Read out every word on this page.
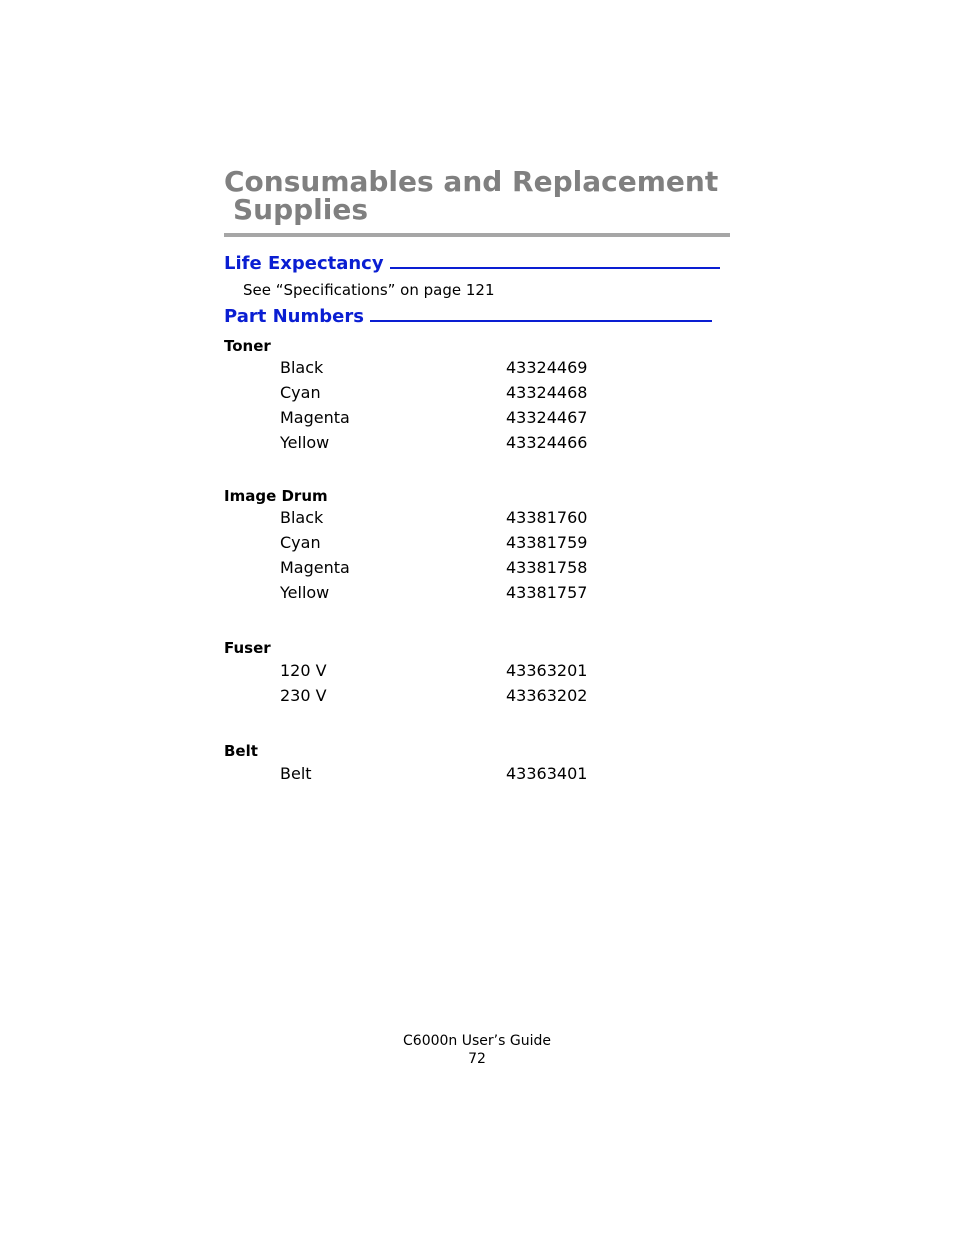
Consumables and Replacement
Supplies
Life Expectancy
See “Specifications” on page 121
Part Numbers
Toner
Black	43324469
Cyan	43324468
Magenta	43324467
Yellow	43324466
Image Drum
Black	43381760
Cyan	43381759
Magenta	43381758
Yellow	43381757
Fuser
120 V	43363201
230 V	43363202
Belt
Belt	43363401
C6000n User’s Guide
72
